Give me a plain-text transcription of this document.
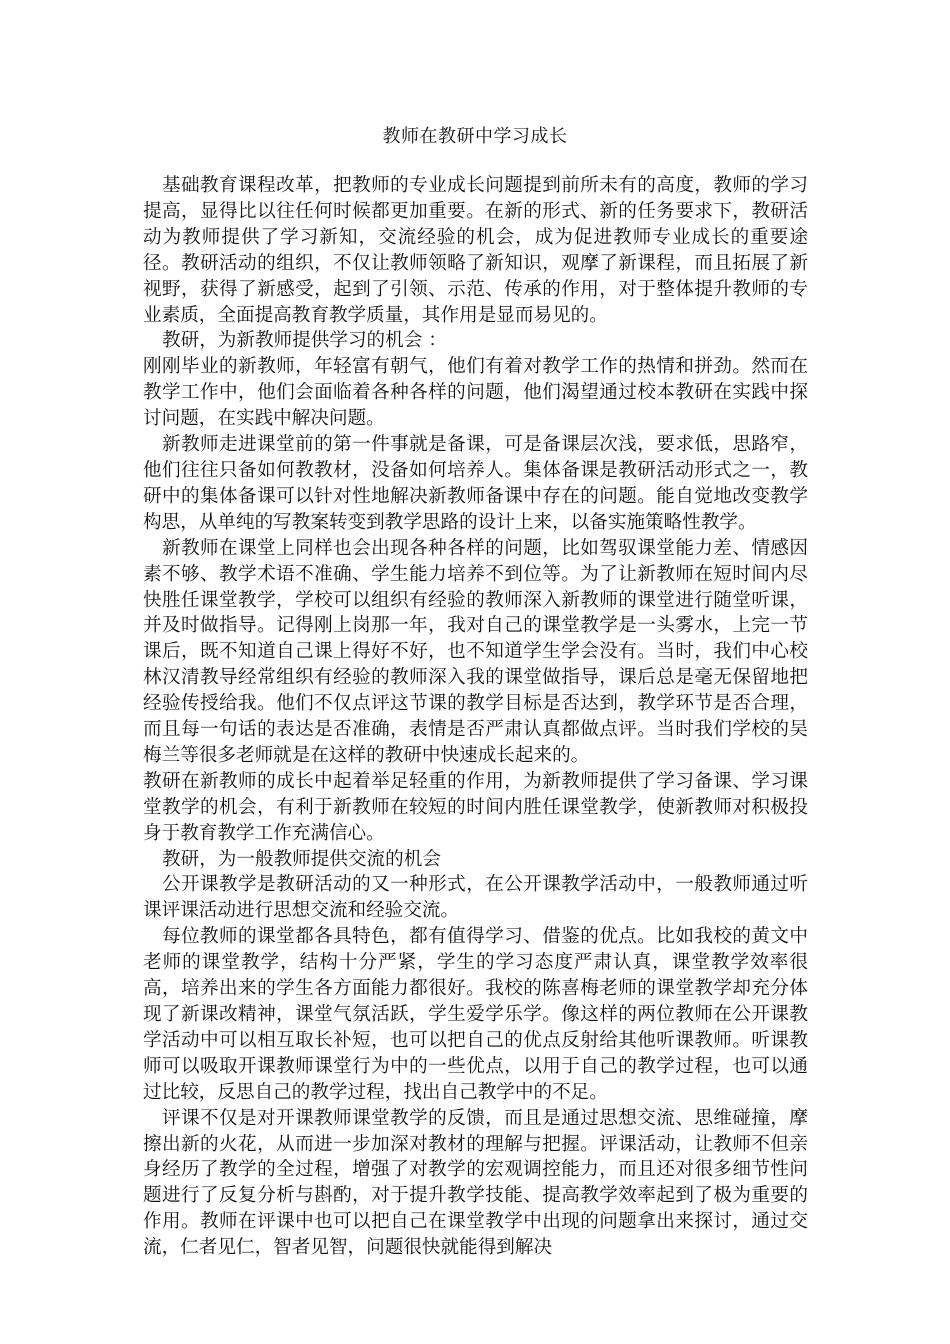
教师在教研中学习成长

基础教育课程改革，把教师的专业成长问题提到前所未有的高度，教师的学习提高，显得比以往任何时候都更加重要。在新的形式、新的任务要求下，教研活动为教师提供了学习新知，交流经验的机会，成为促进教师专业成长的重要途径。教研活动的组织，不仅让教师领略了新知识，观摩了新课程，而且拓展了新视野，获得了新感受，起到了引领、示范、传承的作用，对于整体提升教师的专业素质，全面提高教育教学质量，其作用是显而易见的。

教研，为新教师提供学习的机会 ：

刚刚毕业的新教师，年轻富有朝气，他们有着对教学工作的热情和拼劲。然而在教学工作中，他们会面临着各种各样的问题，他们渴望通过校本教研在实践中探讨问题，在实践中解决问题。

新教师走进课堂前的第一件事就是备课，可是备课层次浅，要求低，思路窄，他们往往只备如何教教材，没备如何培养人。集体备课是教研活动形式之一，教研中的集体备课可以针对性地解决新教师备课中存在的问题。能自觉地改变教学构思，从单纯的写教案转变到教学思路的设计上来，以备实施策略性教学。

新教师在课堂上同样也会出现各种各样的问题，比如驾驭课堂能力差、情感因素不够、教学术语不准确、学生能力培养不到位等。为了让新教师在短时间内尽快胜任课堂教学，学校可以组织有经验的教师深入新教师的课堂进行随堂听课，并及时做指导。记得刚上岗那一年，我对自己的课堂教学是一头雾水，上完一节课后，既不知道自己课上得好不好，也不知道学生学会没有。当时，我们中心校林汉清教导经常组织有经验的教师深入我的课堂做指导，课后总是毫无保留地把经验传授给我。他们不仅点评这节课的教学目标是否达到，教学环节是否合理，而且每一句话的表达是否准确，表情是否严肃认真都做点评。当时我们学校的吴梅兰等很多老师就是在这样的教研中快速成长起来的。

教研在新教师的成长中起着举足轻重的作用，为新教师提供了学习备课、学习课堂教学的机会，有利于新教师在较短的时间内胜任课堂教学，使新教师对积极投身于教育教学工作充满信心。

教研，为一般教师提供交流的机会

公开课教学是教研活动的又一种形式，在公开课教学活动中，一般教师通过听课评课活动进行思想交流和经验交流。

每位教师的课堂都各具特色，都有值得学习、借鉴的优点。比如我校的黄文中老师的课堂教学，结构十分严紧，学生的学习态度严肃认真，课堂教学效率很高，培养出来的学生各方面能力都很好。我校的陈喜梅老师的课堂教学却充分体现了新课改精神，课堂气氛活跃，学生爱学乐学。像这样的两位教师在公开课教学活动中可以相互取长补短，也可以把自己的优点反射给其他听课教师。听课教师可以吸取开课教师课堂行为中的一些优点，以用于自己的教学过程，也可以通过比较，反思自己的教学过程，找出自己教学中的不足。

评课不仅是对开课教师课堂教学的反馈，而且是通过思想交流、思维碰撞，摩擦出新的火花，从而进一步加深对教材的理解与把握。评课活动，让教师不但亲身经历了教学的全过程，增强了对教学的宏观调控能力，而且还对很多细节性问题进行了反复分析与斟酌，对于提升教学技能、提高教学效率起到了极为重要的作用。教师在评课中也可以把自己在课堂教学中出现的问题拿出来探讨，通过交流，仁者见仁，智者见智，问题很快就能得到解决
